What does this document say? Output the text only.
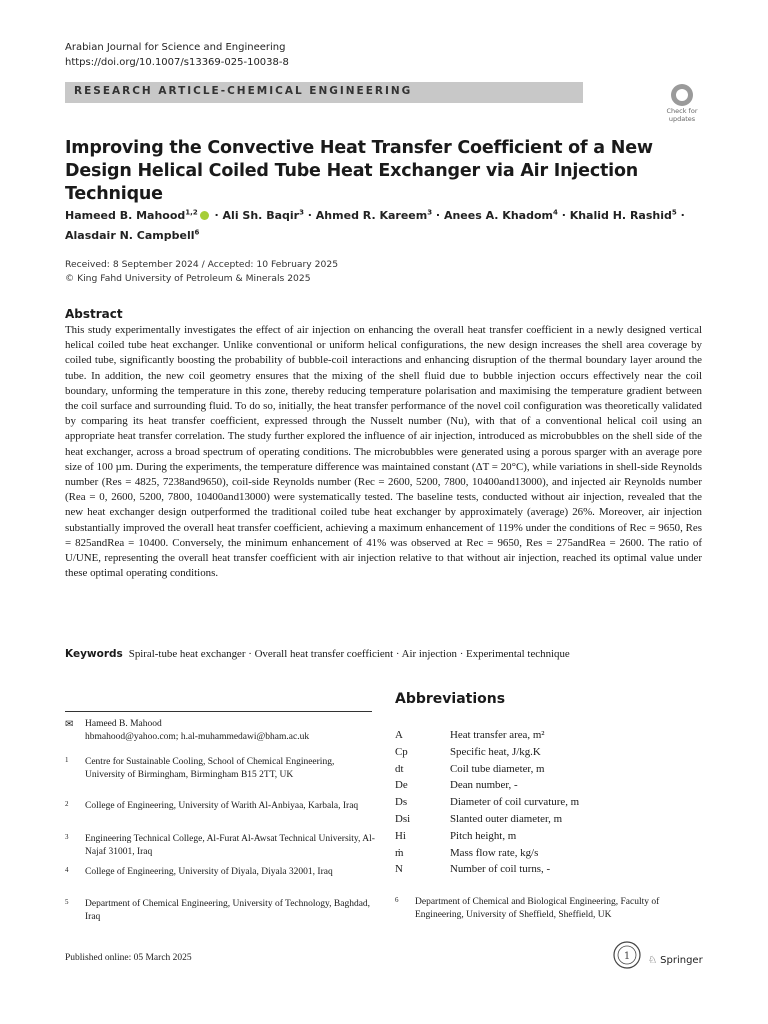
Arabian Journal for Science and Engineering
https://doi.org/10.1007/s13369-025-10038-8
RESEARCH ARTICLE-CHEMICAL ENGINEERING
Check for updates
Improving the Convective Heat Transfer Coefficient of a New Design Helical Coiled Tube Heat Exchanger via Air Injection Technique
Hameed B. Mahood$^{1,2}$ · Ali Sh. Baqir$^3$ · Ahmed R. Kareem$^3$ · Anees A. Khadom$^4$ · Khalid H. Rashid$^5$ ·
Alasdair N. Campbell$^6$
Received: 8 September 2024 / Accepted: 10 February 2025
© King Fahd University of Petroleum & Minerals 2025
Abstract
This study experimentally investigates the effect of air injection on enhancing the overall heat transfer coefficient in a newly designed vertical helical coiled tube heat exchanger. Unlike conventional or uniform helical configurations, the new design increases the shell area coverage by coiled tube, significantly boosting the probability of bubble-coil interactions and enhancing disruption of the thermal boundary layer around the tube. In addition, the new coil geometry ensures that the mixing of the shell fluid due to bubble injection occurs effectively near the coil boundary, unforming the temperature in this zone, thereby reducing temperature polarisation and maximising the temperature gradient between the coil surface and surrounding fluid. To do so, initially, the heat transfer performance of the novel coil configuration was theoretically validated by comparing its heat transfer coefficient, expressed through the Nusselt number (Nu), with that of a conventional helical coil using an appropriate heat transfer correlation. The study further explored the influence of air injection, introduced as microbubbles on the shell side of the heat exchanger, across a broad spectrum of operating conditions. The microbubbles were generated using a porous sparger with an average pore size of 100 µm. During the experiments, the temperature difference was maintained constant (ΔT = 20°C), while variations in shell-side Reynolds number (Res = 4825, 7238and9650), coil-side Reynolds number (Rec = 2600, 5200, 7800, 10400and13000), and injected air Reynolds number (Rea = 0, 2600, 5200, 7800, 10400and13000) were systematically tested. The baseline tests, conducted without air injection, revealed that the new heat exchanger design outperformed the traditional coiled tube heat exchanger by approximately (average) 26%. Moreover, air injection substantially improved the overall heat transfer coefficient, achieving a maximum enhancement of 119% under the conditions of Rec = 9650, Res = 825andRea = 10400. Conversely, the minimum enhancement of 41% was observed at Rec = 9650, Res = 275andRea = 2600. The ratio of U/UNE, representing the overall heat transfer coefficient with air injection relative to that without air injection, reached its optimal value under these optimal operating conditions.
Keywords Spiral-tube heat exchanger · Overall heat transfer coefficient · Air injection · Experimental technique
Abbreviations
A	Heat transfer area, m²
Cp	Specific heat, J/kg.K
dt	Coil tube diameter, m
De	Dean number, -
Ds	Diameter of coil curvature, m
Dsi	Slanted outer diameter, m
Hi	Pitch height, m
ṁ	Mass flow rate, kg/s
N	Number of coil turns, -
✉ Hameed B. Mahood
hbmahood@yahoo.com; h.al-muhammedawi@bham.ac.uk
1 Centre for Sustainable Cooling, School of Chemical Engineering, University of Birmingham, Birmingham B15 2TT, UK
2 College of Engineering, University of Warith Al-Anbiyaa, Karbala, Iraq
3 Engineering Technical College, Al-Furat Al-Awsat Technical University, Al-Najaf 31001, Iraq
4 College of Engineering, University of Diyala, Diyala 32001, Iraq
5 Department of Chemical Engineering, University of Technology, Baghdad, Iraq
6 Department of Chemical and Biological Engineering, Faculty of Engineering, University of Sheffield, Sheffield, UK
Published online: 05 March 2025	1 ♘ Springer
